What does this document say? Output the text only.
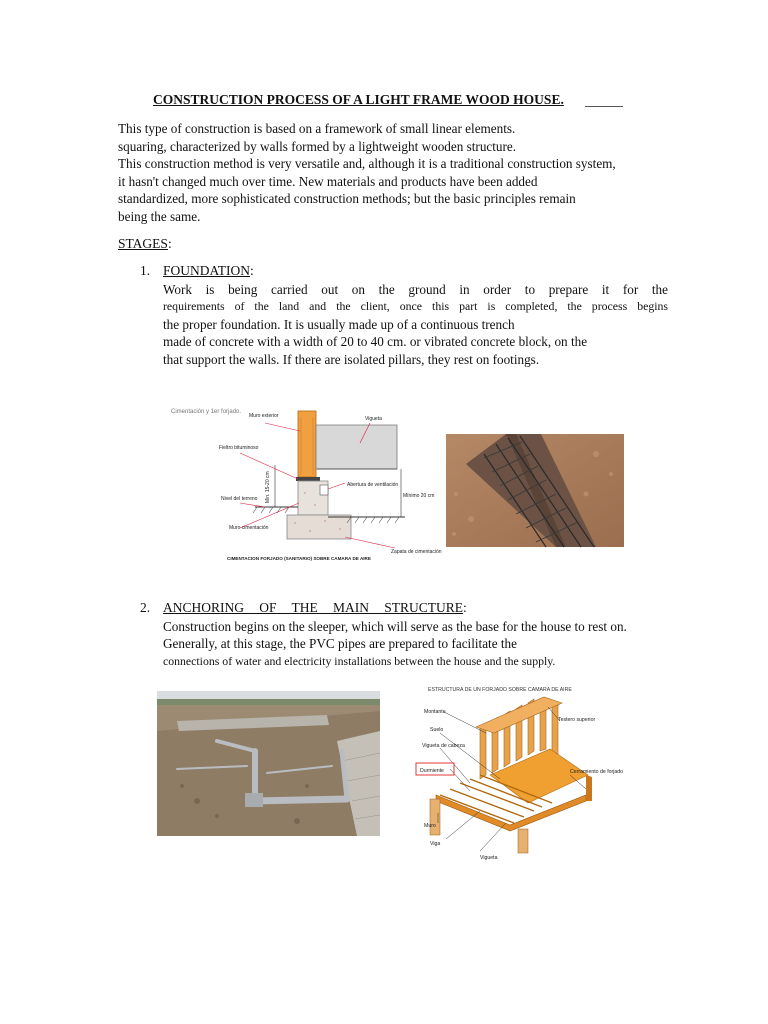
CONSTRUCTION PROCESS OF A LIGHT FRAME WOOD HOUSE.
This type of construction is based on a framework of small linear elements.
squaring, characterized by walls formed by a lightweight wooden structure.
This construction method is very versatile and, although it is a traditional construction system,
it hasn't changed much over time. New materials and products have been added
standardized, more sophisticated construction methods; but the basic principles remain
being the same.
STAGES:
1. FOUNDATION:
Work is being carried out on the ground in order to prepare it for the
requirements of the land and the client, once this part is completed, the process begins
the proper foundation. It is usually made up of a continuous trench
made of concrete with a width of 20 to 40 cm. or vibrated concrete block, on the
that support the walls. If there are isolated pillars, they rest on footings.
Cimentación y 1er forjado.
Muro exterior	Vigueta
Fieltro bituminoso
Min. 15-20 cm	Abertura de ventilación
Nivel del terreno	Mínimo 20 cm
Muro cimentación
Zapata de cimentación
CIMENTACION FORJADO (SANITARIO) SOBRE CAMARA DE AIRE
2. ANCHORING OF THE MAIN STRUCTURE:
Construction begins on the sleeper, which will serve as the base for the house to rest on.
Generally, at this stage, the PVC pipes are prepared to facilitate the
connections of water and electricity installations between the house and the supply.
ESTRUCTURA DE UN FORJADO SOBRE CAMARA DE AIRE
Montante
Testero superior
Suelo
Vigueta de cabeza
Durmiente	Cerramiento de forjado
Muro
Viga
Vigueta
